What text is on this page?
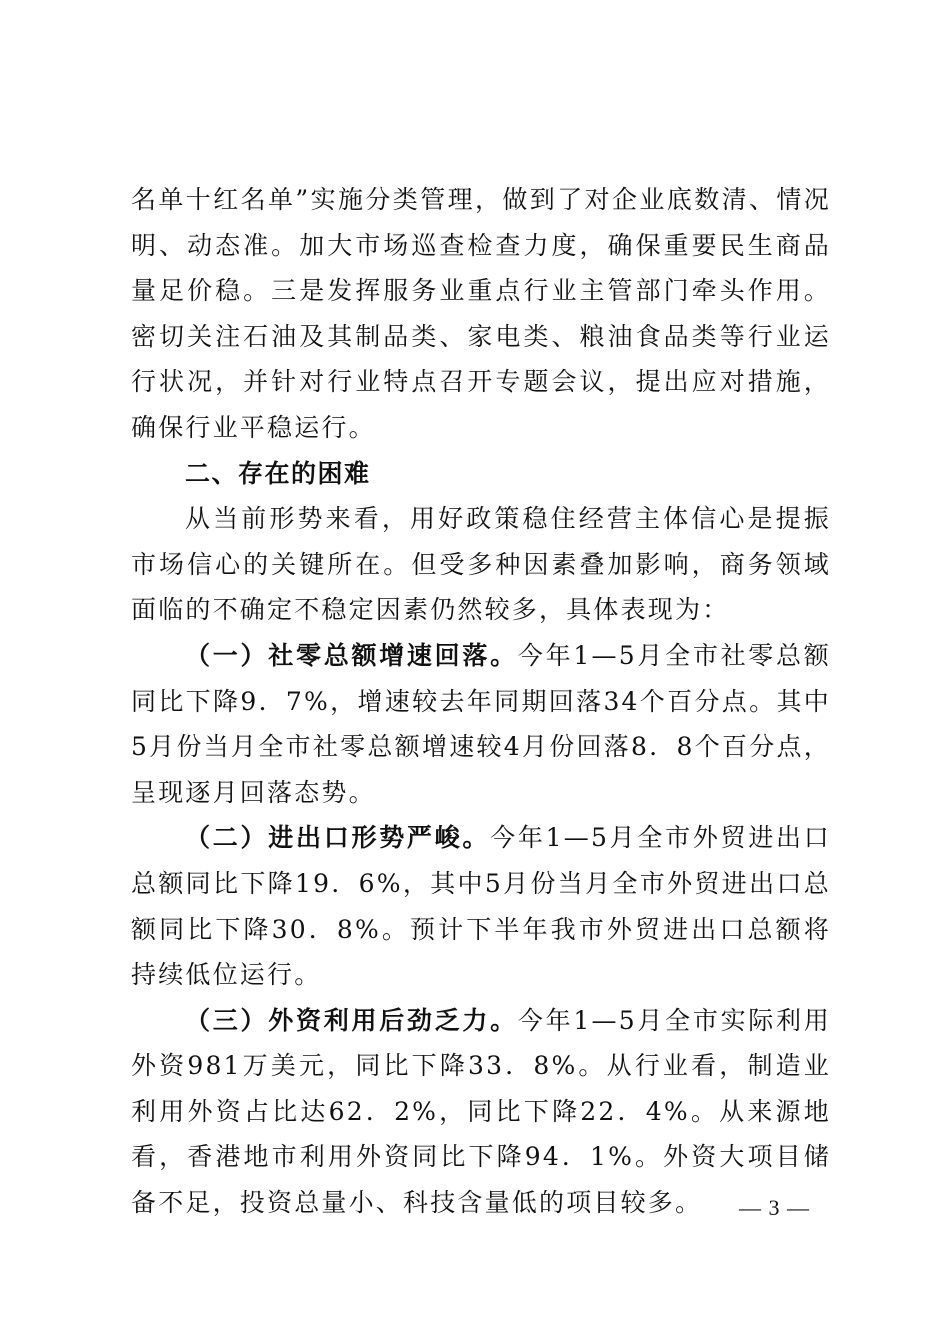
名单十红名单”实施分类管理，做到了对企业底数清、情况明、动态准。加大市场巡查检查力度，确保重要民生商品量足价稳。三是发挥服务业重点行业主管部门牵头作用。密切关注石油及其制品类、家电类、粮油食品类等行业运行状况，并针对行业特点召开专题会议，提出应对措施，确保行业平稳运行。

二、存在的困难

从当前形势来看，用好政策稳住经营主体信心是提振市场信心的关键所在。但受多种因素叠加影响，商务领域面临的不确定不稳定因素仍然较多，具体表现为：

（一）社零总额增速回落。今年1—5月全市社零总额同比下降9．7%，增速较去年同期回落34个百分点。其中5月份当月全市社零总额增速较4月份回落8．8个百分点，呈现逐月回落态势。

（二）进出口形势严峻。今年1—5月全市外贸进出口总额同比下降19．6%，其中5月份当月全市外贸进出口总额同比下降30．8%。预计下半年我市外贸进出口总额将持续低位运行。

（三）外资利用后劲乏力。今年1—5月全市实际利用外资981万美元，同比下降33．8%。从行业看，制造业利用外资占比达62．2%，同比下降22．4%。从来源地看，香港地市利用外资同比下降94．1%。外资大项目储备不足，投资总量小、科技含量低的项目较多。	— 3 —
